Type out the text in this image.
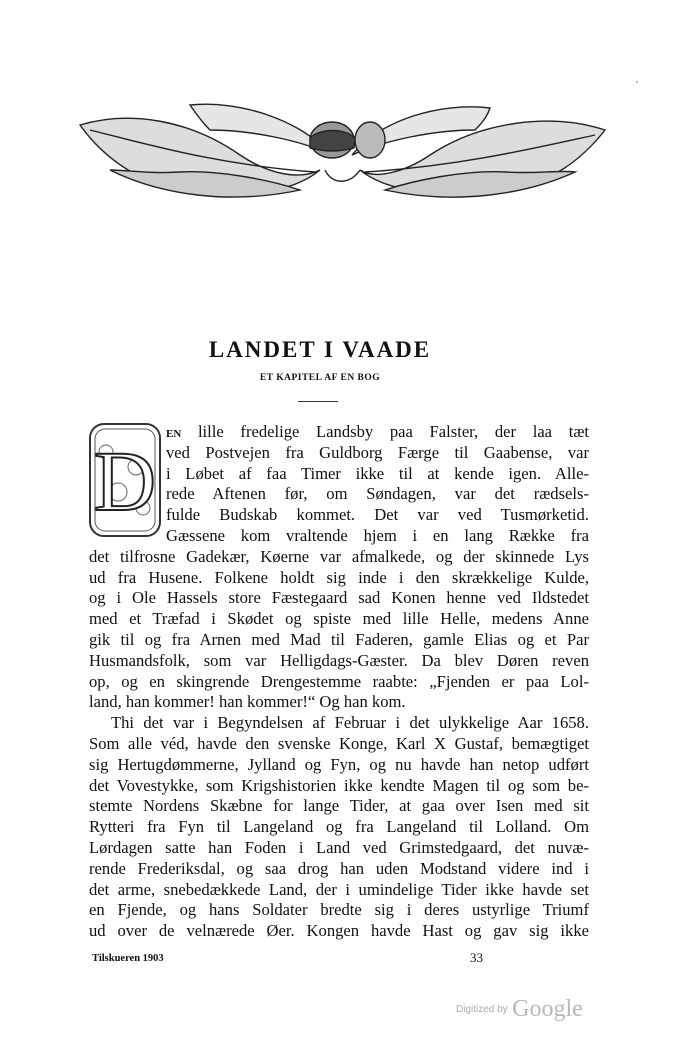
'
LANDET I VAADE
ET KAPITEL AF EN BOG
D EN lille fredelige Landsby paa Falster, der laa tæt
ved Postvejen fra Guldborg Færge til Gaabense, var
i Løbet af faa Timer ikke til at kende igen. Alle-
rede Aftenen før, om Søndagen, var det rædsels-
fulde Budskab kommet. Det var ved Tusmørketid.
Gæssene kom vraltende hjem i en lang Række fra
det tilfrosne Gadekær, Køerne var afmalkede, og der skinnede Lys
ud fra Husene. Folkene holdt sig inde i den skrækkelige Kulde,
og i Ole Hassels store Fæstegaard sad Konen henne ved Ildstedet
med et Træfad i Skødet og spiste med lille Helle, medens Anne
gik til og fra Arnen med Mad til Faderen, gamle Elias og et Par
Husmandsfolk, som var Helligdags-Gæster. Da blev Døren reven
op, og en skingrende Drengestemme raabte: „Fjenden er paa Lol-
land, han kommer! han kommer!“ Og han kom.
Thi det var i Begyndelsen af Februar i det ulykkelige Aar 1658.
Som alle véd, havde den svenske Konge, Karl X Gustaf, bemægtiget
sig Hertugdømmerne, Jylland og Fyn, og nu havde han netop udført
det Vovestykke, som Krigshistorien ikke kendte Magen til og som be-
stemte Nordens Skæbne for lange Tider, at gaa over Isen med sit
Rytteri fra Fyn til Langeland og fra Langeland til Lolland. Om
Lørdagen satte han Foden i Land ved Grimstedgaard, det nuvæ-
rende Frederiksdal, og saa drog han uden Modstand videre ind i
det arme, snebedækkede Land, der i umindelige Tider ikke havde set
en Fjende, og hans Soldater bredte sig i deres ustyrlige Triumf
ud over de velnærede Øer. Kongen havde Hast og gav sig ikke
Tilskueren 1903	33
Digitized by Google
